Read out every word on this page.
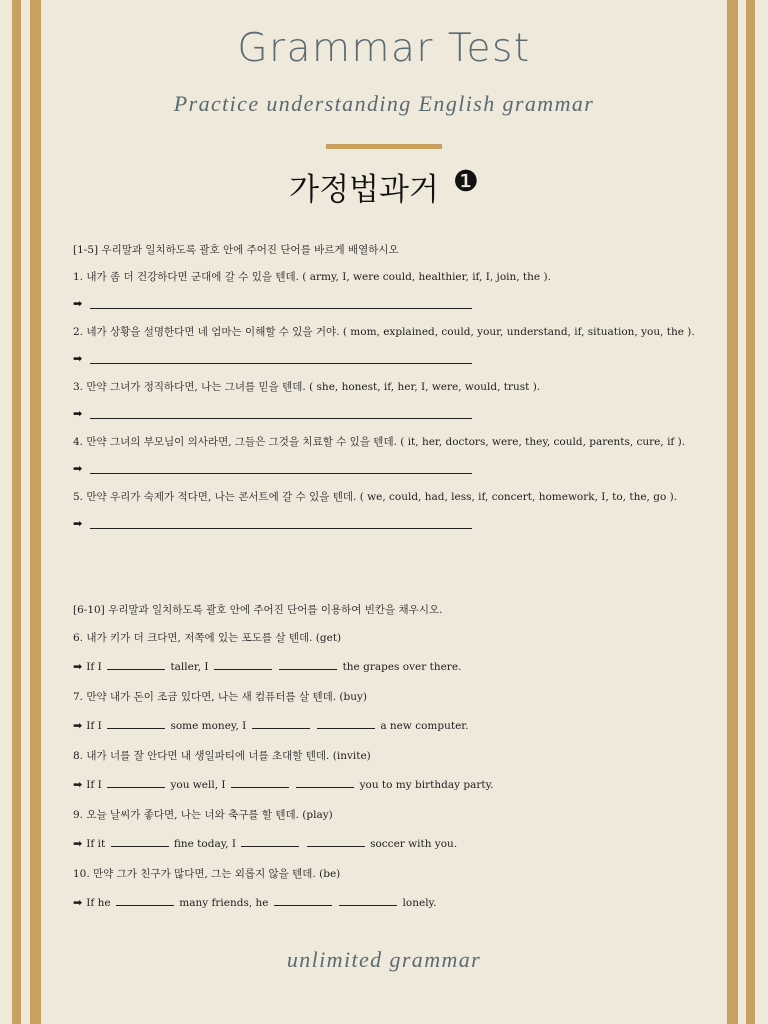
Grammar Test
Practice understanding English grammar
가정법과거 ❶
[1-5] 우리말과 일치하도록 괄호 안에 주어진 단어를 바르게 배열하시오
1. 내가 좀 더 건강하다면 군대에 갈 수 있을 텐데. ( army, I, were could, healthier, if, I, join, the ).
➡
2. 네가 상황을 설명한다면 네 엄마는 이해할 수 있을 거야. ( mom, explained, could, your, understand, if, situation, you, the ).
➡
3. 만약 그녀가 정직하다면, 나는 그녀를 믿을 텐데. ( she, honest, if, her, I, were, would, trust ).
➡
4. 만약 그녀의 부모님이 의사라면, 그들은 그것을 치료할 수 있을 텐데. ( it, her, doctors, were, they, could, parents, cure, if ).
➡
5. 만약 우리가 숙제가 적다면, 나는 콘서트에 갈 수 있을 텐데. ( we, could, had, less, if, concert, homework, I, to, the, go ).
➡
[6-10] 우리말과 일치하도록 괄호 안에 주어진 단어를 이용하여 빈칸을 채우시오.
6. 내가 키가 더 크다면, 저쪽에 있는 포도를 살 텐데. (get)
➡ If I	taller, I	the grapes over there.
7. 만약 내가 돈이 조금 있다면, 나는 새 컴퓨터를 살 텐데. (buy)
➡ If I	some money, I	a new computer.
8. 내가 너를 잘 안다면 내 생일파티에 너를 초대할 텐데. (invite)
➡ If I	you well, I	you to my birthday party.
9. 오늘 날씨가 좋다면, 나는 너와 축구를 할 텐데. (play)
➡ If it	fine today, I	soccer with you.
10. 만약 그가 친구가 많다면, 그는 외롭지 않을 텐데. (be)
➡ If he	many friends, he	lonely.
unlimited grammar
